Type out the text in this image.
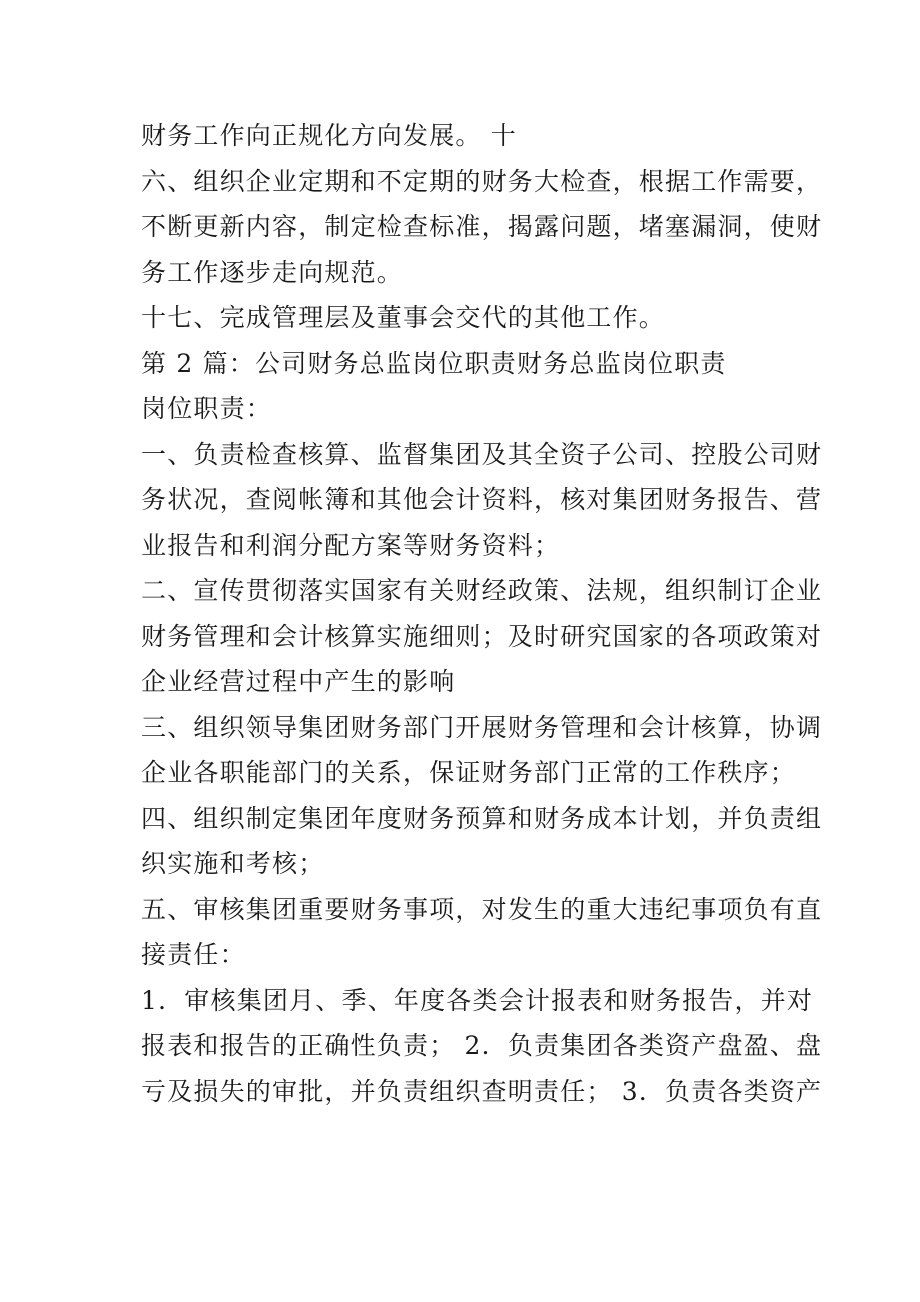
财务工作向正规化方向发展。 十
六、组织企业定期和不定期的财务大检查，根据工作需要，
不断更新内容，制定检查标准，揭露问题，堵塞漏洞，使财
务工作逐步走向规范。
十七、完成管理层及董事会交代的其他工作。
第 2 篇：公司财务总监岗位职责财务总监岗位职责
岗位职责：
一、负责检查核算、监督集团及其全资子公司、控股公司财
务状况，查阅帐簿和其他会计资料，核对集团财务报告、营
业报告和利润分配方案等财务资料；
二、宣传贯彻落实国家有关财经政策、法规，组织制订企业
财务管理和会计核算实施细则；及时研究国家的各项政策对
企业经营过程中产生的影响
三、组织领导集团财务部门开展财务管理和会计核算，协调
企业各职能部门的关系，保证财务部门正常的工作秩序；
四、组织制定集团年度财务预算和财务成本计划，并负责组
织实施和考核；
五、审核集团重要财务事项，对发生的重大违纪事项负有直
接责任：
1．审核集团月、季、年度各类会计报表和财务报告，并对
报表和报告的正确性负责； 2．负责集团各类资产盘盈、盘
亏及损失的审批，并负责组织查明责任； 3．负责各类资产
